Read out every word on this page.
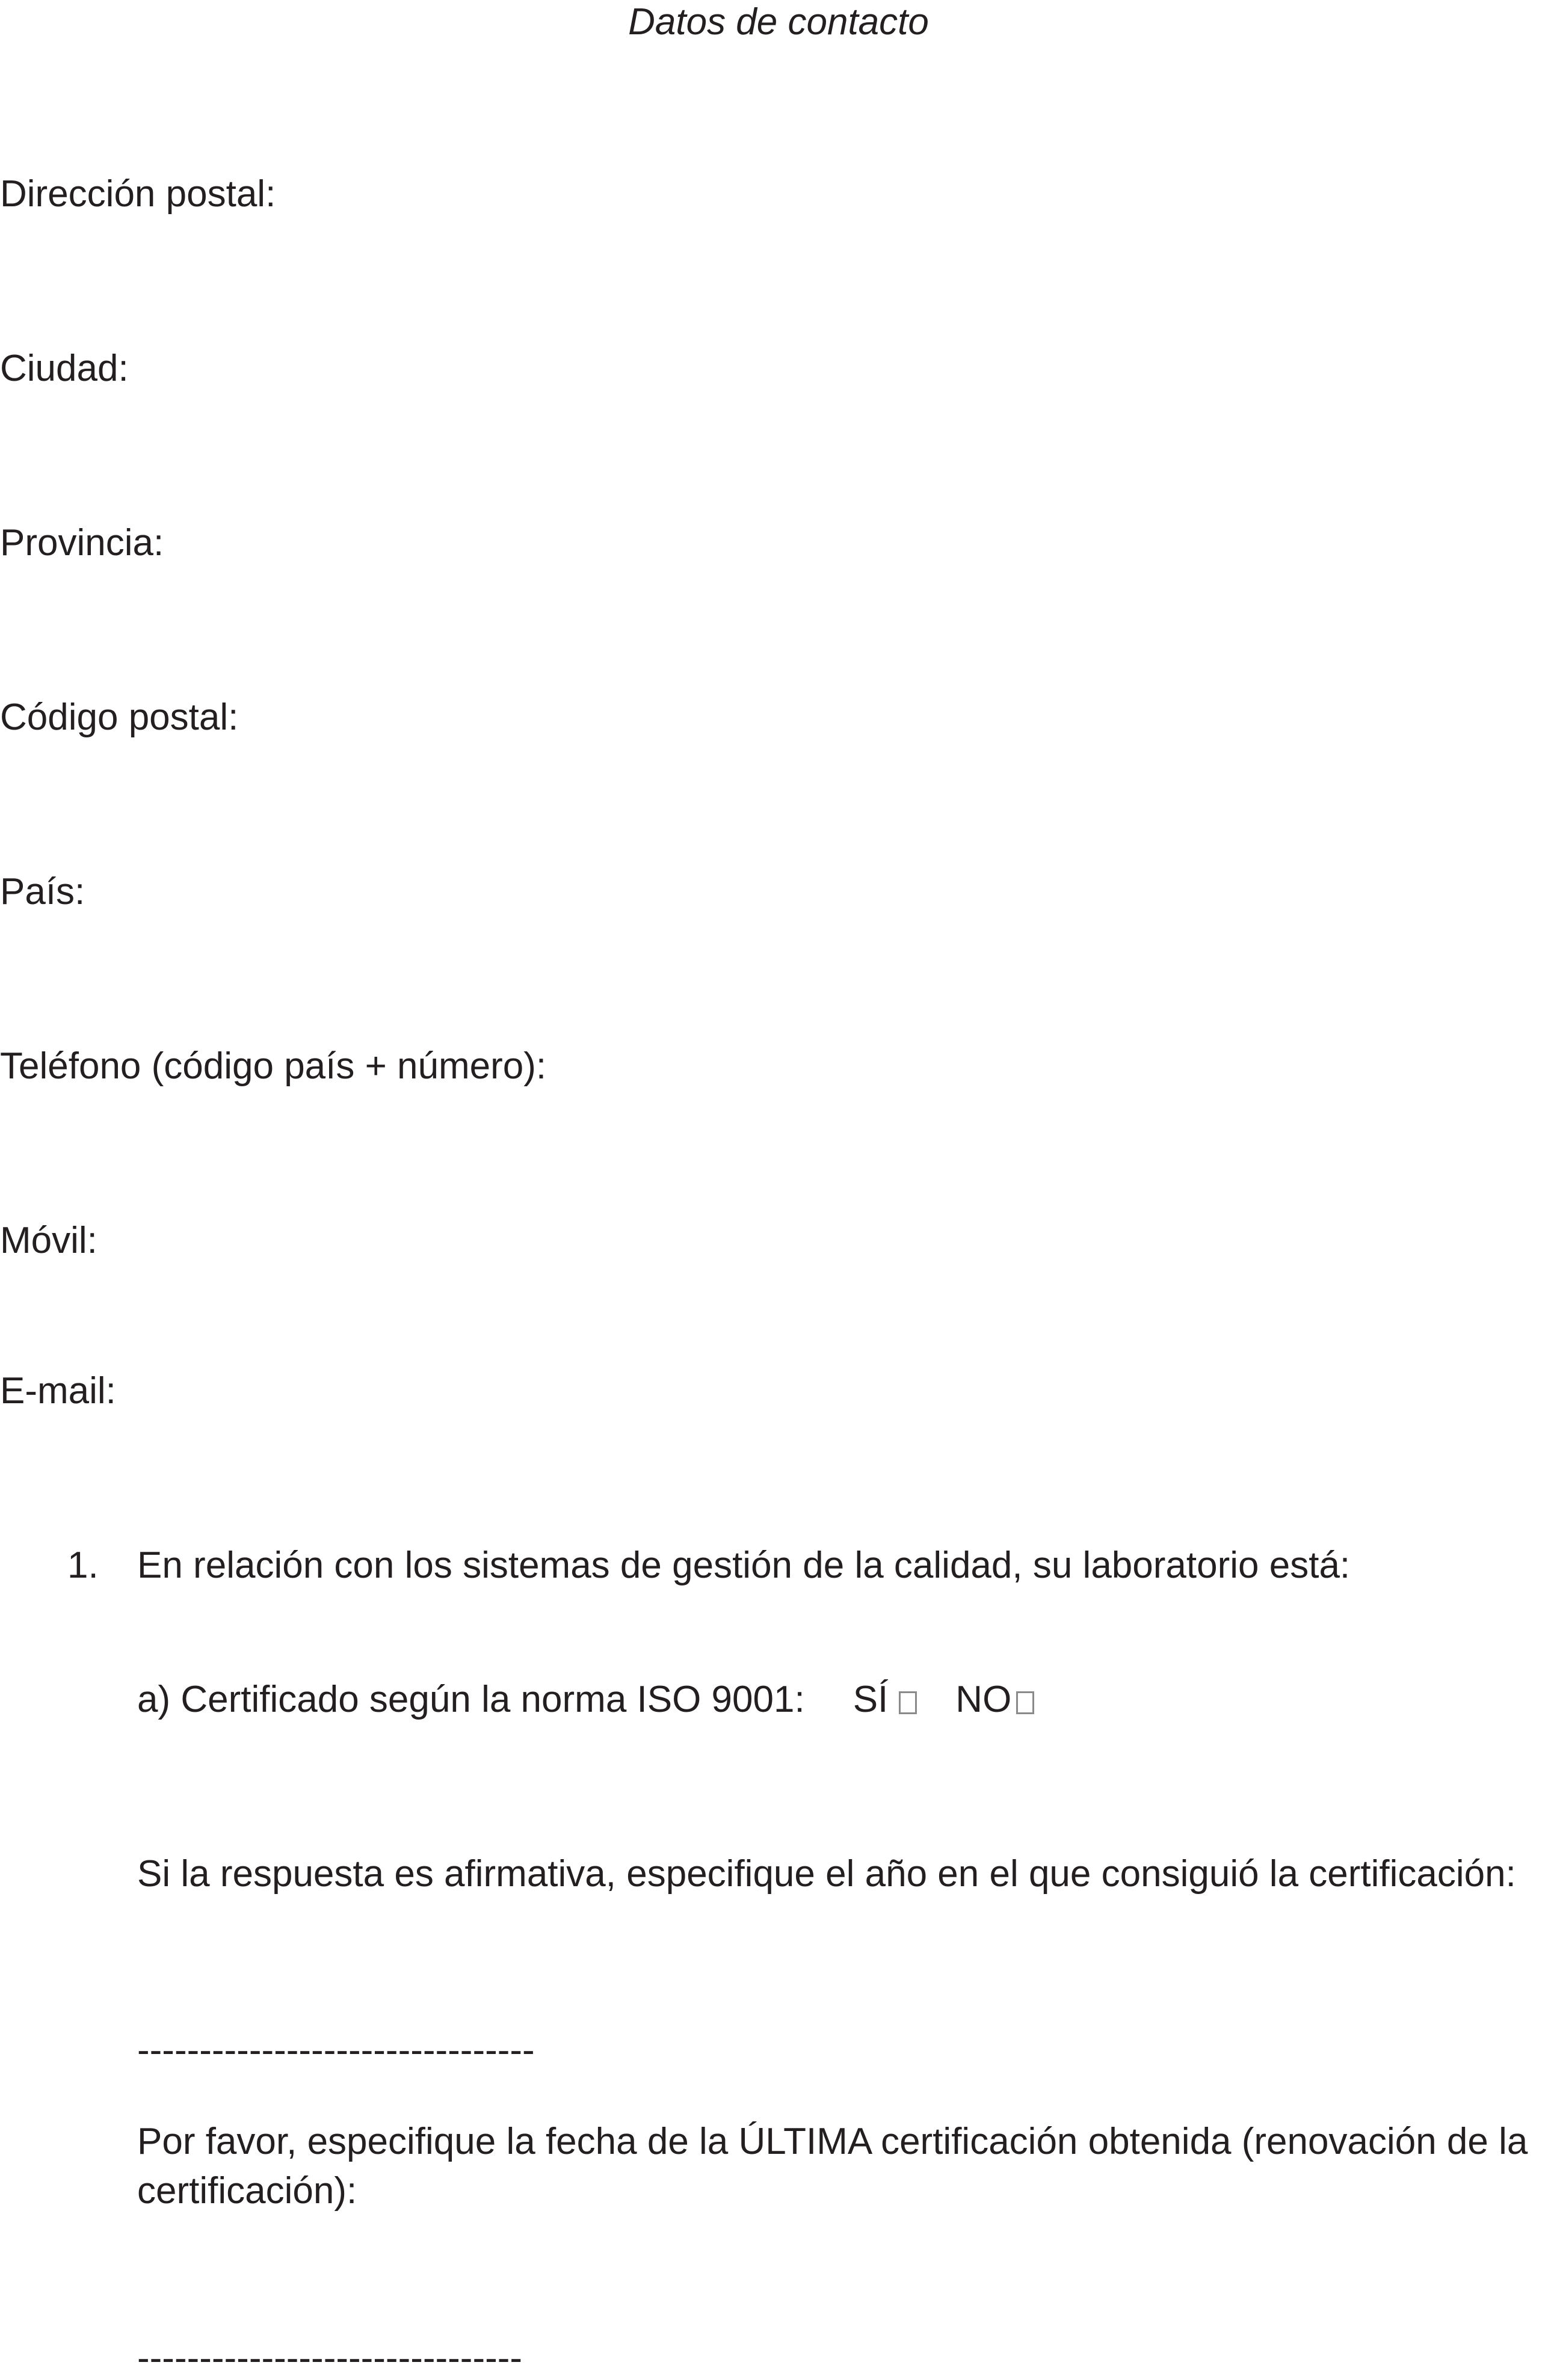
Datos de contacto

Dirección postal:

Ciudad:

Provincia:

Código postal:

País:

Teléfono (código país + número):

Móvil:

E-mail:

1. En relación con los sistemas de gestión de la calidad, su laboratorio está:

a) Certificado según la norma ISO 9001: SÍ NO

Si la respuesta es afirmativa, especifique el año en el que consiguió la certificación:

--------------------------------

Por favor, especifique la fecha de la ÚLTIMA certificación obtenida (renovación de la certificación):

-------------------------------
